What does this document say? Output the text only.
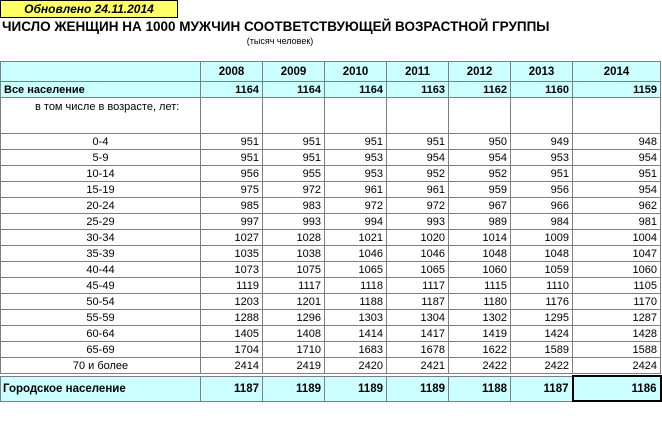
Обновлено 24.11.2014
ЧИСЛО ЖЕНЩИН НА 1000 МУЖЧИН СООТВЕТСТВУЮЩЕЙ ВОЗРАСТНОЙ ГРУППЫ
(тысяч человек)
	2008	2009	2010	2011	2012	2013	2014
Все население	1164	1164	1164	1163	1162	1160	1159
в том числе в возрасте, лет:							
0-4	951	951	951	951	950	949	948
5-9	951	951	953	954	954	953	954
10-14	956	955	953	952	952	951	951
15-19	975	972	961	961	959	956	954
20-24	985	983	972	972	967	966	962
25-29	997	993	994	993	989	984	981
30-34	1027	1028	1021	1020	1014	1009	1004
35-39	1035	1038	1046	1046	1048	1048	1047
40-44	1073	1075	1065	1065	1060	1059	1060
45-49	1119	1117	1118	1117	1115	1110	1105
50-54	1203	1201	1188	1187	1180	1176	1170
55-59	1288	1296	1303	1304	1302	1295	1287
60-64	1405	1408	1414	1417	1419	1424	1428
65-69	1704	1710	1683	1678	1622	1589	1588
70 и более	2414	2419	2420	2421	2422	2422	2424

Городское население	1187	1189	1189	1189	1188	1187	1186
